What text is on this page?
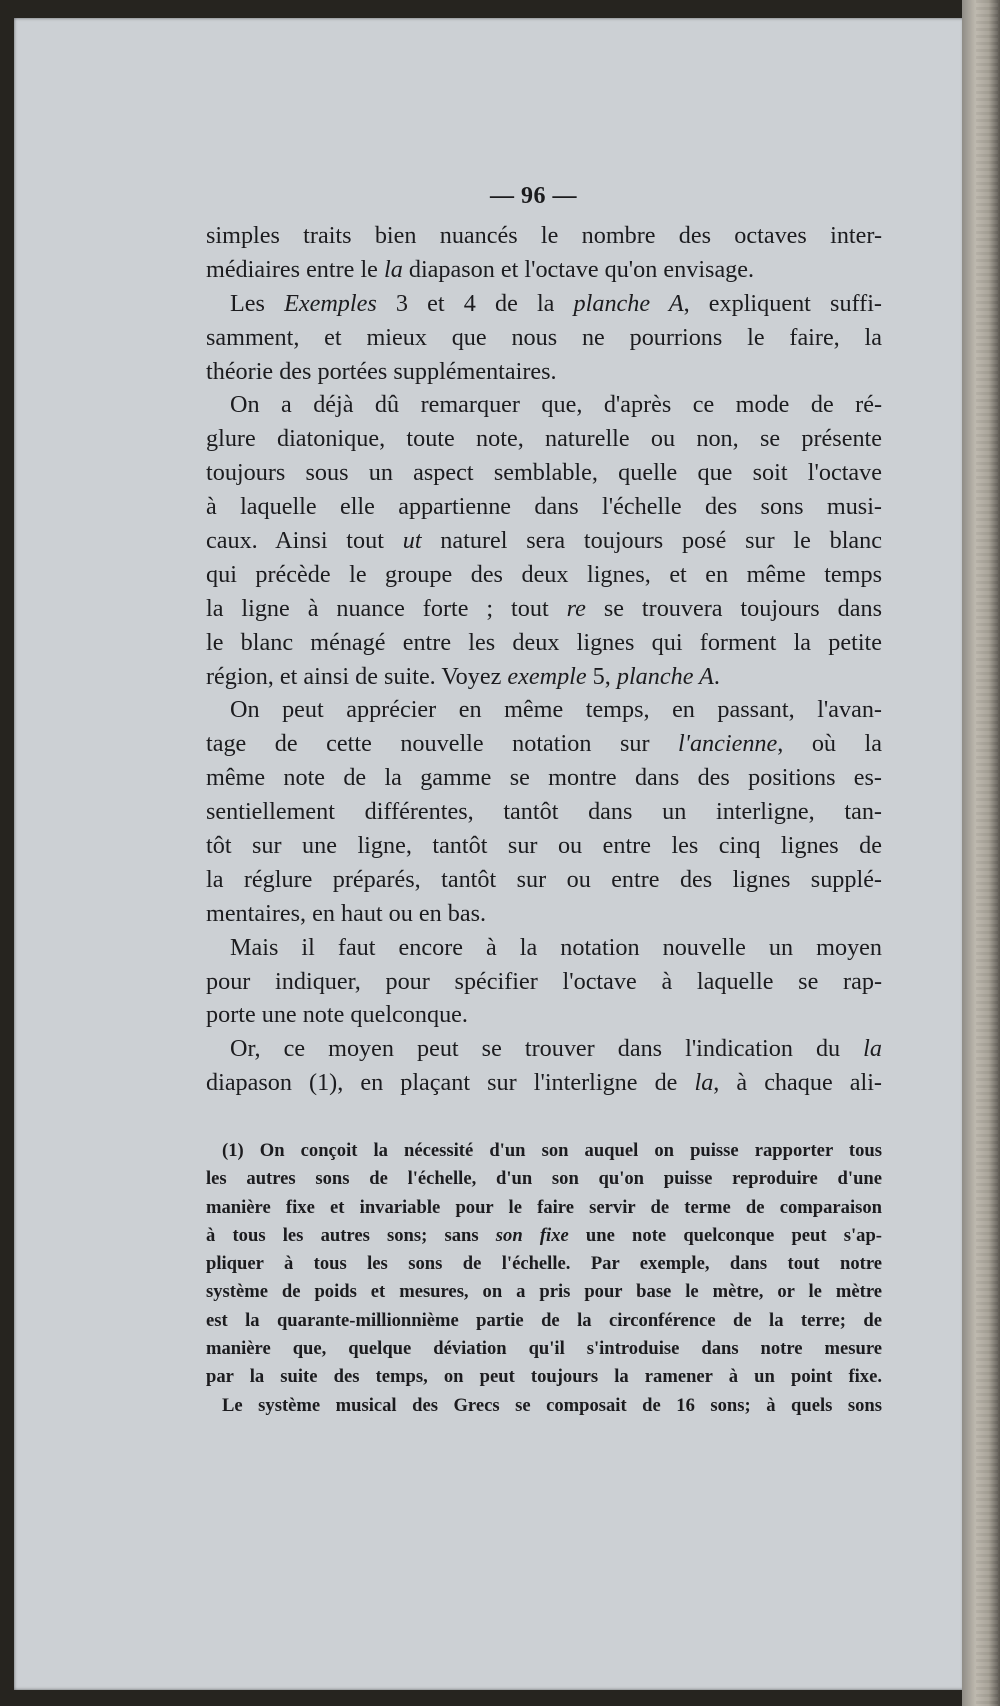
— 96 —
simples traits bien nuancés le nombre des octaves inter-
médiaires entre le la diapason et l'octave qu'on envisage.
Les Exemples 3 et 4 de la planche A, expliquent suffi-
samment, et mieux que nous ne pourrions le faire, la
théorie des portées supplémentaires.
On a déjà dû remarquer que, d'après ce mode de ré-
glure diatonique, toute note, naturelle ou non, se présente
toujours sous un aspect semblable, quelle que soit l'octave
à laquelle elle appartienne dans l'échelle des sons musi-
caux. Ainsi tout ut naturel sera toujours posé sur le blanc
qui précède le groupe des deux lignes, et en même temps
la ligne à nuance forte ; tout re se trouvera toujours dans
le blanc ménagé entre les deux lignes qui forment la petite
région, et ainsi de suite. Voyez exemple 5, planche A.
On peut apprécier en même temps, en passant, l'avan-
tage de cette nouvelle notation sur l'ancienne, où la
même note de la gamme se montre dans des positions es-
sentiellement différentes, tantôt dans un interligne, tan-
tôt sur une ligne, tantôt sur ou entre les cinq lignes de
la réglure préparés, tantôt sur ou entre des lignes supplé-
mentaires, en haut ou en bas.
Mais il faut encore à la notation nouvelle un moyen
pour indiquer, pour spécifier l'octave à laquelle se rap-
porte une note quelconque.
Or, ce moyen peut se trouver dans l'indication du la
diapason (1), en plaçant sur l'interligne de la, à chaque ali-
(1) On conçoit la nécessité d'un son auquel on puisse rapporter tous
les autres sons de l'échelle, d'un son qu'on puisse reproduire d'une
manière fixe et invariable pour le faire servir de terme de comparaison
à tous les autres sons; sans son fixe une note quelconque peut s'ap-
pliquer à tous les sons de l'échelle. Par exemple, dans tout notre
système de poids et mesures, on a pris pour base le mètre, or le mètre
est la quarante-millionnième partie de la circonférence de la terre; de
manière que, quelque déviation qu'il s'introduise dans notre mesure
par la suite des temps, on peut toujours la ramener à un point fixe.
Le système musical des Grecs se composait de 16 sons; à quels sons
